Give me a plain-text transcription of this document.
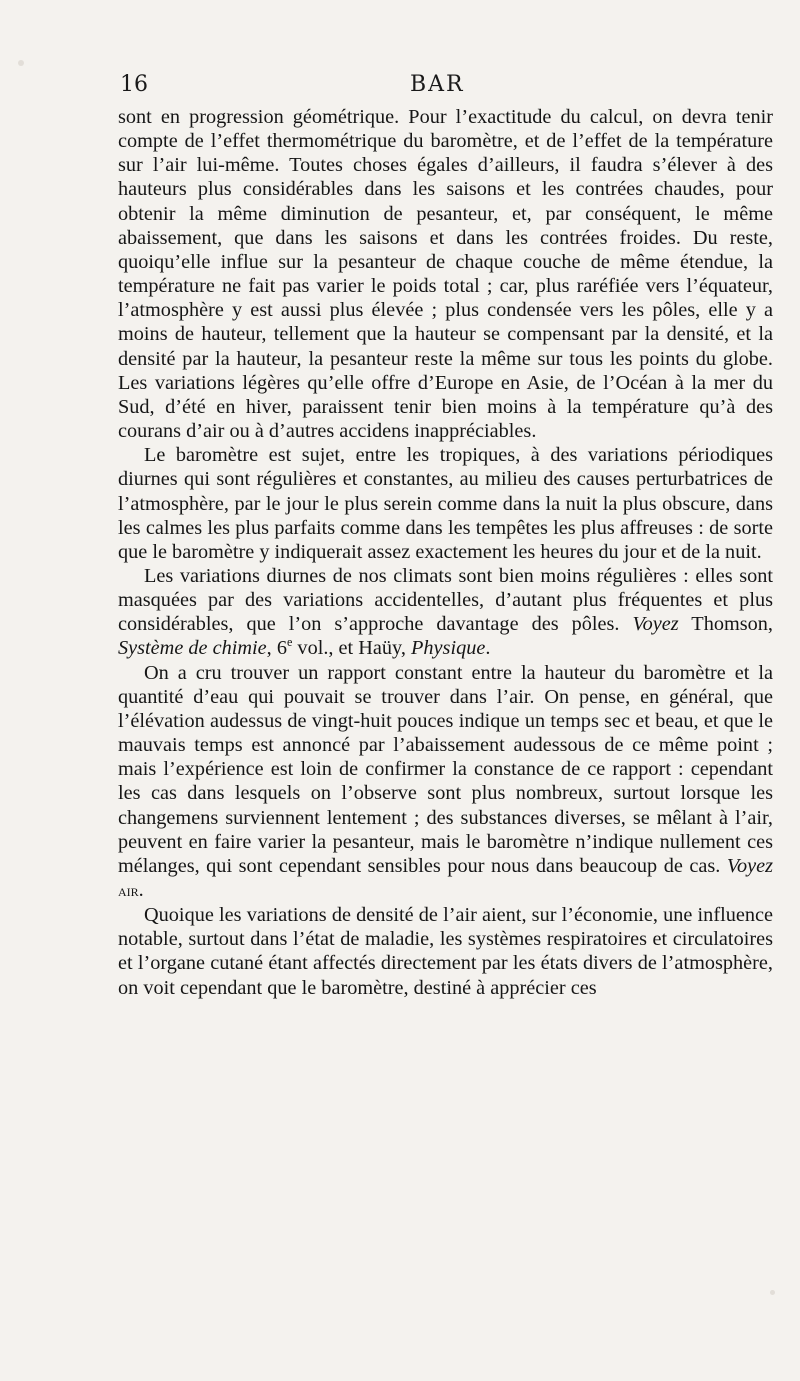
16	BAR

sont en progression géométrique. Pour l’exactitude du calcul, on devra tenir compte de l’effet thermométrique du baromètre, et de l’effet de la température sur l’air lui-même. Toutes choses égales d’ailleurs, il faudra s’élever à des hauteurs plus considérables dans les saisons et les contrées chaudes, pour obtenir la même diminution de pesanteur, et, par conséquent, le même abaissement, que dans les saisons et dans les contrées froides. Du reste, quoiqu’elle influe sur la pesanteur de chaque couche de même étendue, la température ne fait pas varier le poids total ; car, plus raréfiée vers l’équateur, l’atmosphère y est aussi plus élevée ; plus condensée vers les pôles, elle y a moins de hauteur, tellement que la hauteur se compensant par la densité, et la densité par la hauteur, la pesanteur reste la même sur tous les points du globe. Les variations légères qu’elle offre d’Europe en Asie, de l’Océan à la mer du Sud, d’été en hiver, paraissent tenir bien moins à la température qu’à des courans d’air ou à d’autres accidens inappréciables.

Le baromètre est sujet, entre les tropiques, à des variations périodiques diurnes qui sont régulières et constantes, au milieu des causes perturbatrices de l’atmosphère, par le jour le plus serein comme dans la nuit la plus obscure, dans les calmes les plus parfaits comme dans les tempêtes les plus affreuses : de sorte que le baromètre y indiquerait assez exactement les heures du jour et de la nuit.

Les variations diurnes de nos climats sont bien moins régulières : elles sont masquées par des variations accidentelles, d’autant plus fréquentes et plus considérables, que l’on s’approche davantage des pôles. Voyez Thomson, Système de chimie, 6e vol., et Haüy, Physique.

On a cru trouver un rapport constant entre la hauteur du baromètre et la quantité d’eau qui pouvait se trouver dans l’air. On pense, en général, que l’élévation audessus de vingt-huit pouces indique un temps sec et beau, et que le mauvais temps est annoncé par l’abaissement audessous de ce même point ; mais l’expérience est loin de confirmer la constance de ce rapport : cependant les cas dans lesquels on l’observe sont plus nombreux, surtout lorsque les changemens surviennent lentement ; des substances diverses, se mêlant à l’air, peuvent en faire varier la pesanteur, mais le baromètre n’indique nullement ces mélanges, qui sont cependant sensibles pour nous dans beaucoup de cas. Voyez air.

Quoique les variations de densité de l’air aient, sur l’économie, une influence notable, surtout dans l’état de maladie, les systèmes respiratoires et circulatoires et l’organe cutané étant affectés directement par les états divers de l’atmosphère, on voit cependant que le baromètre, destiné à apprécier ces
